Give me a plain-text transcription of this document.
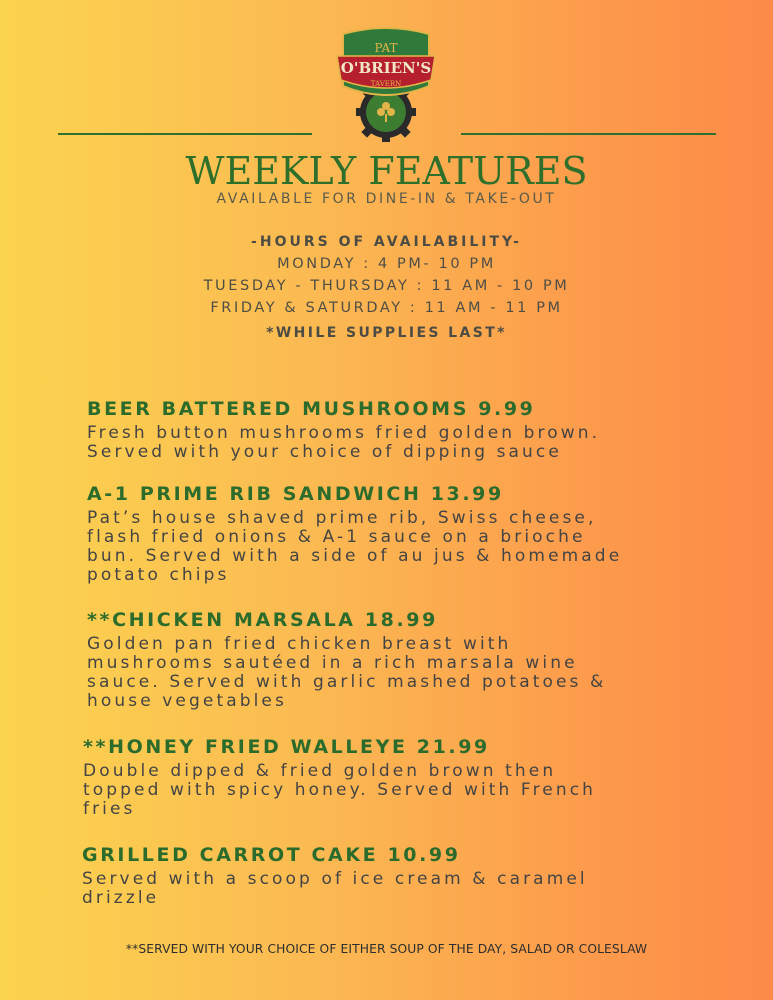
PAT
O'BRIEN'S
TAVERN
WEEKLY FEATURES
AVAILABLE FOR DINE-IN & TAKE-OUT
-HOURS OF AVAILABILITY-
MONDAY : 4 PM- 10 PM
TUESDAY - THURSDAY : 11 AM - 10 PM
FRIDAY & SATURDAY : 11 AM - 11 PM
*WHILE SUPPLIES LAST*
BEER BATTERED MUSHROOMS 9.99
Fresh button mushrooms fried golden brown.
Served with your choice of dipping sauce
A-1 PRIME RIB SANDWICH 13.99
Pat’s house shaved prime rib, Swiss cheese,
flash fried onions & A-1 sauce on a brioche
bun. Served with a side of au jus & homemade
potato chips
**CHICKEN MARSALA 18.99
Golden pan fried chicken breast with
mushrooms sautéed in a rich marsala wine
sauce. Served with garlic mashed potatoes &
house vegetables
**HONEY FRIED WALLEYE 21.99
Double dipped & fried golden brown then
topped with spicy honey. Served with French
fries
GRILLED CARROT CAKE 10.99
Served with a scoop of ice cream & caramel
drizzle
**SERVED WITH YOUR CHOICE OF EITHER SOUP OF THE DAY, SALAD OR COLESLAW
